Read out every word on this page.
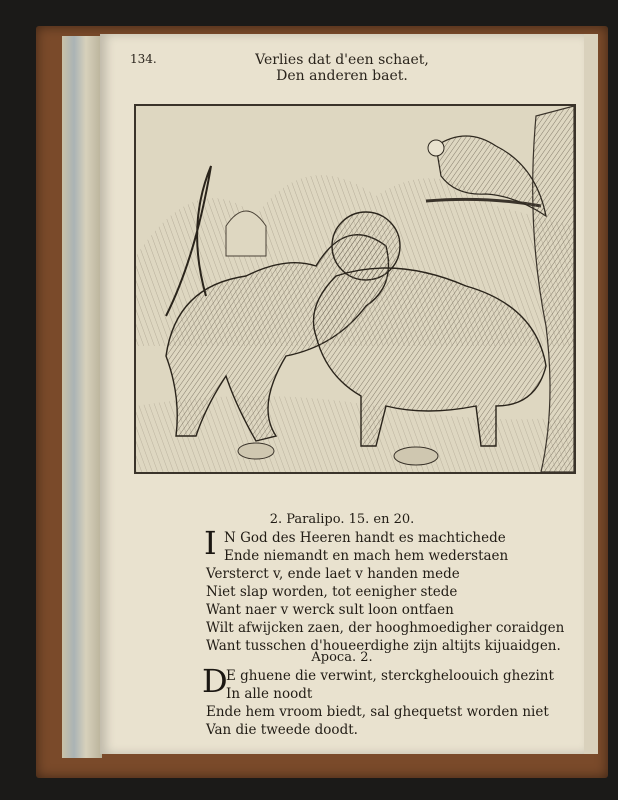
134.	Verlies dat d'een schaet,
Den anderen baet.
2. Paralipo. 15. en 20.
I N God des Heeren handt es machtichede
Ende niemandt en mach hem wederstaen
Versterct v, ende laet v handen mede
Niet slap worden, tot eenigher stede
Want naer v werck sult loon ontfaen
Wilt afwijcken zaen, der hooghmoedigher coraidgen
Want tusschen d'houeerdighe zijn altijts kijuaidgen.
Apoca. 2.
D
E ghuene die verwint, sterckgheloouich ghezint
In alle noodt
Ende hem vroom biedt, sal ghequetst worden niet
Van die tweede doodt.
